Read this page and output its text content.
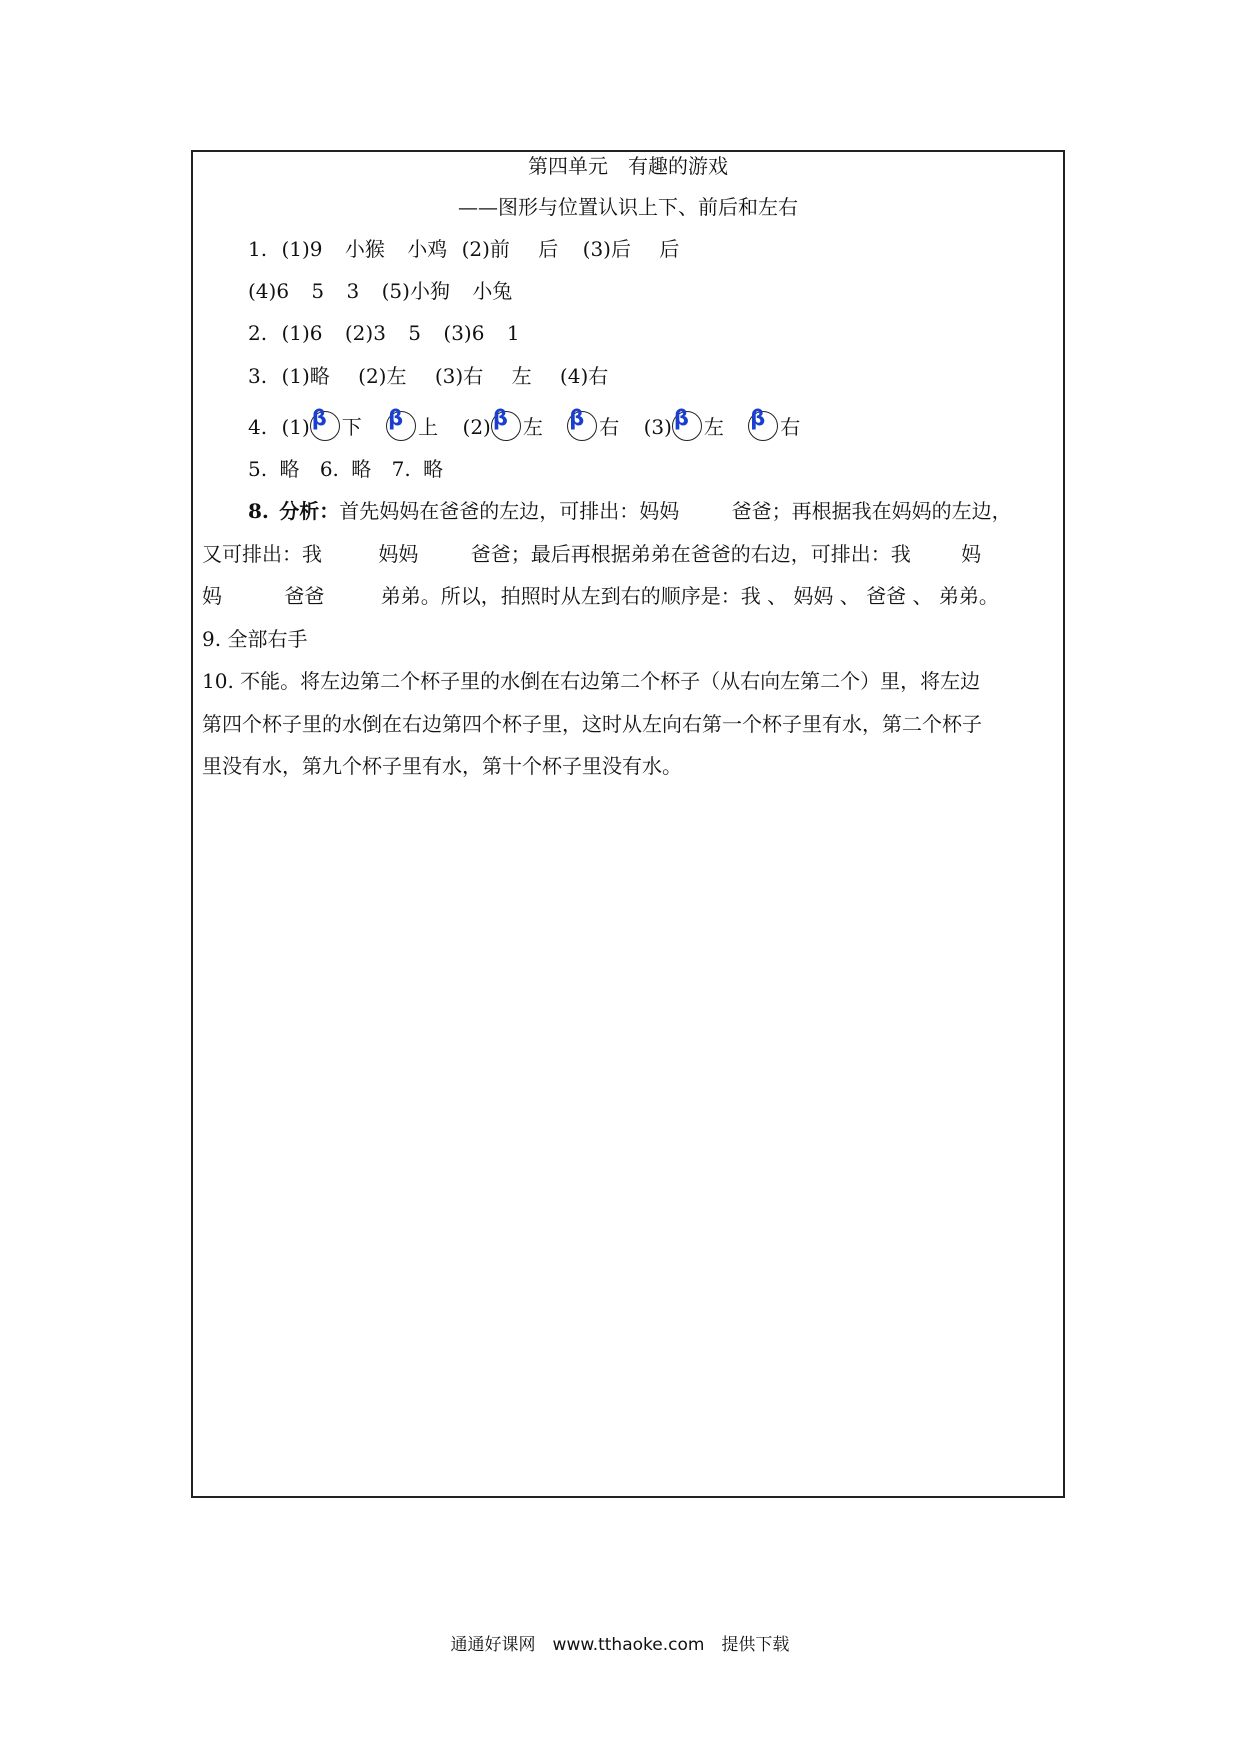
第四单元　有趣的游戏
——图形与位置认识上下、前后和左右
1. (1)9 小猴 小鸡 (2)前 后 (3)后 后
(4)6 5 3 (5)小狗 小兔
2. (1)6 (2)3 5 (3)6 1
3. (1)略 (2)左 (3)右 左 (4)右
4. (1) β 下 β 上 (2) β 左 β 右 (3) β 左 β 右
5. 略 6. 略 7. 略
8. 分析：首先妈妈在爸爸的左边，可排出：妈妈	爸爸；再根据我在妈妈的左边，
又可排出：我	妈妈	爸爸；最后再根据弟弟在爸爸的右边，可排出：我	妈
妈	爸爸	弟弟。所以，拍照时从左到右的顺序是：我 、 妈妈 、 爸爸 、 弟弟。
9. 全部右手
10. 不能。将左边第二个杯子里的水倒在右边第二个杯子（从右向左第二个）里，将左边
第四个杯子里的水倒在右边第四个杯子里，这时从左向右第一个杯子里有水，第二个杯子
里没有水，第九个杯子里有水，第十个杯子里没有水。
通通好课网　www.tthaoke.com　提供下载
